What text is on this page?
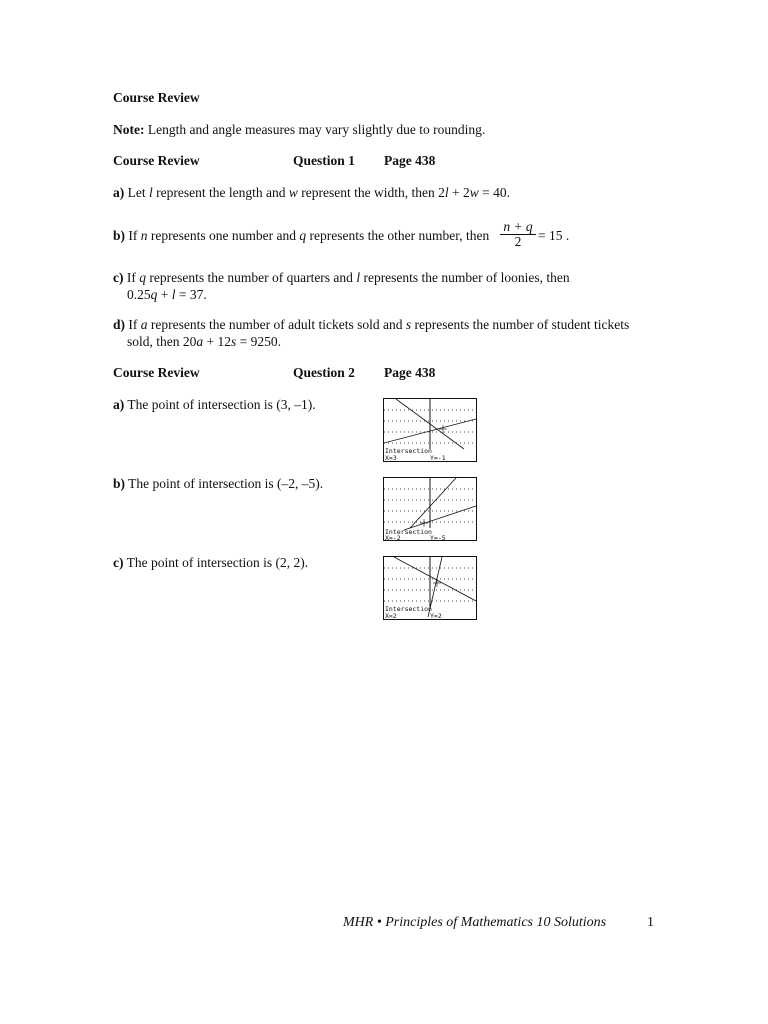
Course Review
Note: Length and angle measures may vary slightly due to rounding.
Course Review	Question 1 Page 438
a) Let l represent the length and w represent the width, then 2l + 2w = 40.
b) If n represents one number and q represents the other number, then $\frac{n + q}{2} = 15$ .
c) If q represents the number of quarters and l represents the number of loonies, then
0.25q + l = 37.
d) If a represents the number of adult tickets sold and s represents the number of student tickets
sold, then 20a + 12s = 9250.
Course Review	Question 2 Page 438
a) The point of intersection is (3, –1).
Intersection
X=3	Y=-1
b) The point of intersection is (–2, –5).
Intersection
X=-2	Y=-5
c) The point of intersection is (2, 2).
Intersection
X=2	Y=2
MHR • Principles of Mathematics 10 Solutions	1
